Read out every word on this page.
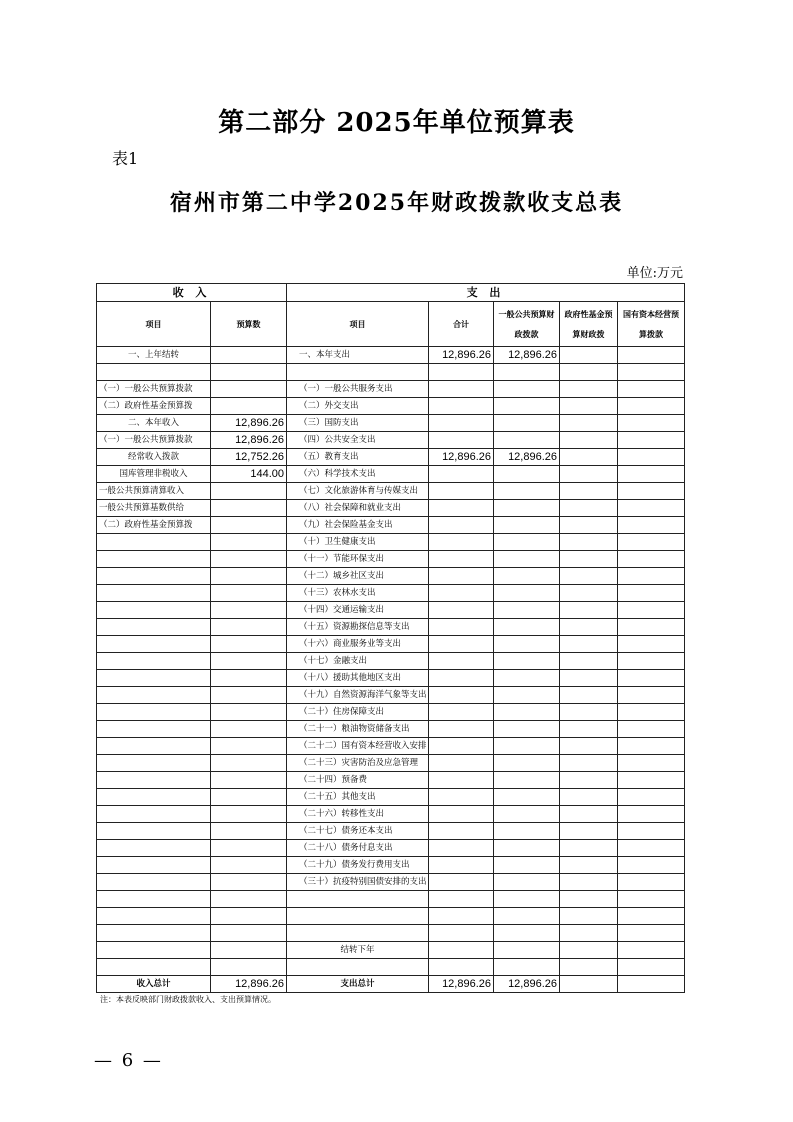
第二部分 2025年单位预算表
表1
宿州市第二中学2025年财政拨款收支总表
单位:万元
收 入		支 出				
项目	预算数	项目	合计	一般公共预算财政拨款	政府性基金预算财政拨	国有资本经营预算拨款
一、上年结转		一、本年支出	12,896.26	12,896.26		

（一）一般公共预算拨款		（一）一般公共服务支出				
（二）政府性基金预算拨		（二）外交支出				
二、本年收入	12,896.26	（三）国防支出				
（一）一般公共预算拨款	12,896.26	（四）公共安全支出				
经常收入拨款	12,752.26	（五）教育支出	12,896.26	12,896.26		
国库管理非税收入	144.00	（六）科学技术支出				
一般公共预算清算收入		（七）文化旅游体育与传媒支出				
一般公共预算基数供给		（八）社会保障和就业支出				
（二）政府性基金预算拨		（九）社会保险基金支出				
		（十）卫生健康支出				
		（十一）节能环保支出				
		（十二）城乡社区支出				
		（十三）农林水支出				
		（十四）交通运输支出				
		（十五）资源勘探信息等支出				
		（十六）商业服务业等支出				
		（十七）金融支出				
		（十八）援助其他地区支出				
		（十九）自然资源海洋气象等支出				
		（二十）住房保障支出				
		（二十一）粮油物资储备支出				
		（二十二）国有资本经营收入安排				
		（二十三）灾害防治及应急管理				
		（二十四）预备费				
		（二十五）其他支出				
		（二十六）转移性支出				
		（二十七）债务还本支出				
		（二十八）债务付息支出				
		（二十九）债务发行费用支出				
		（三十）抗疫特别国债安排的支出				

		结转下年				

收入总计	12,896.26	支出总计	12,896.26	12,896.26		
注：本表反映部门财政拨款收入、支出预算情况。
— 6 —
